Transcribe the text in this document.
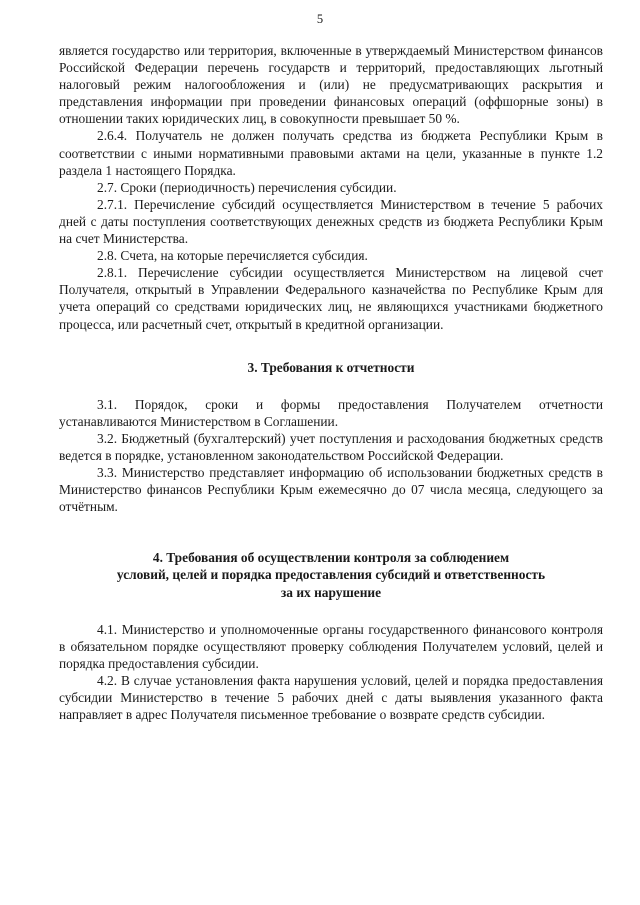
5

является государство или территория, включенные в утверждаемый Министерством финансов Российской Федерации перечень государств и территорий, предоставляющих льготный налоговый режим налогообложения и (или) не предусматривающих раскрытия и представления информации при проведении финансовых операций (оффшорные зоны) в отношении таких юридических лиц, в совокупности превышает 50 %.

2.6.4. Получатель не должен получать средства из бюджета Республики Крым в соответствии с иными нормативными правовыми актами на цели, указанные в пункте 1.2 раздела 1 настоящего Порядка.

2.7. Сроки (периодичность) перечисления субсидии.

2.7.1. Перечисление субсидий осуществляется Министерством в течение 5 рабочих дней с даты поступления соответствующих денежных средств из бюджета Республики Крым на счет Министерства.

2.8. Счета, на которые перечисляется субсидия.

2.8.1. Перечисление субсидии осуществляется Министерством на лицевой счет Получателя, открытый в Управлении Федерального казначейства по Республике Крым для учета операций со средствами юридических лиц, не являющихся участниками бюджетного процесса, или расчетный счет, открытый в кредитной организации.

3. Требования к отчетности

3.1. Порядок, сроки и формы предоставления Получателем отчетности устанавливаются Министерством в Соглашении.

3.2. Бюджетный (бухгалтерский) учет поступления и расходования бюджетных средств ведется в порядке, установленном законодательством Российской Федерации.

3.3. Министерство представляет информацию об использовании бюджетных средств в Министерство финансов Республики Крым ежемесячно до 07 числа месяца, следующего за отчётным.

4. Требования об осуществлении контроля за соблюдением
условий, целей и порядка предоставления субсидий и ответственность
за их нарушение

4.1. Министерство и уполномоченные органы государственного финансового контроля в обязательном порядке осуществляют проверку соблюдения Получателем условий, целей и порядка предоставления субсидии.

4.2. В случае установления факта нарушения условий, целей и порядка предоставления субсидии Министерство в течение 5 рабочих дней с даты выявления указанного факта направляет в адрес Получателя письменное требование о возврате средств субсидии.
